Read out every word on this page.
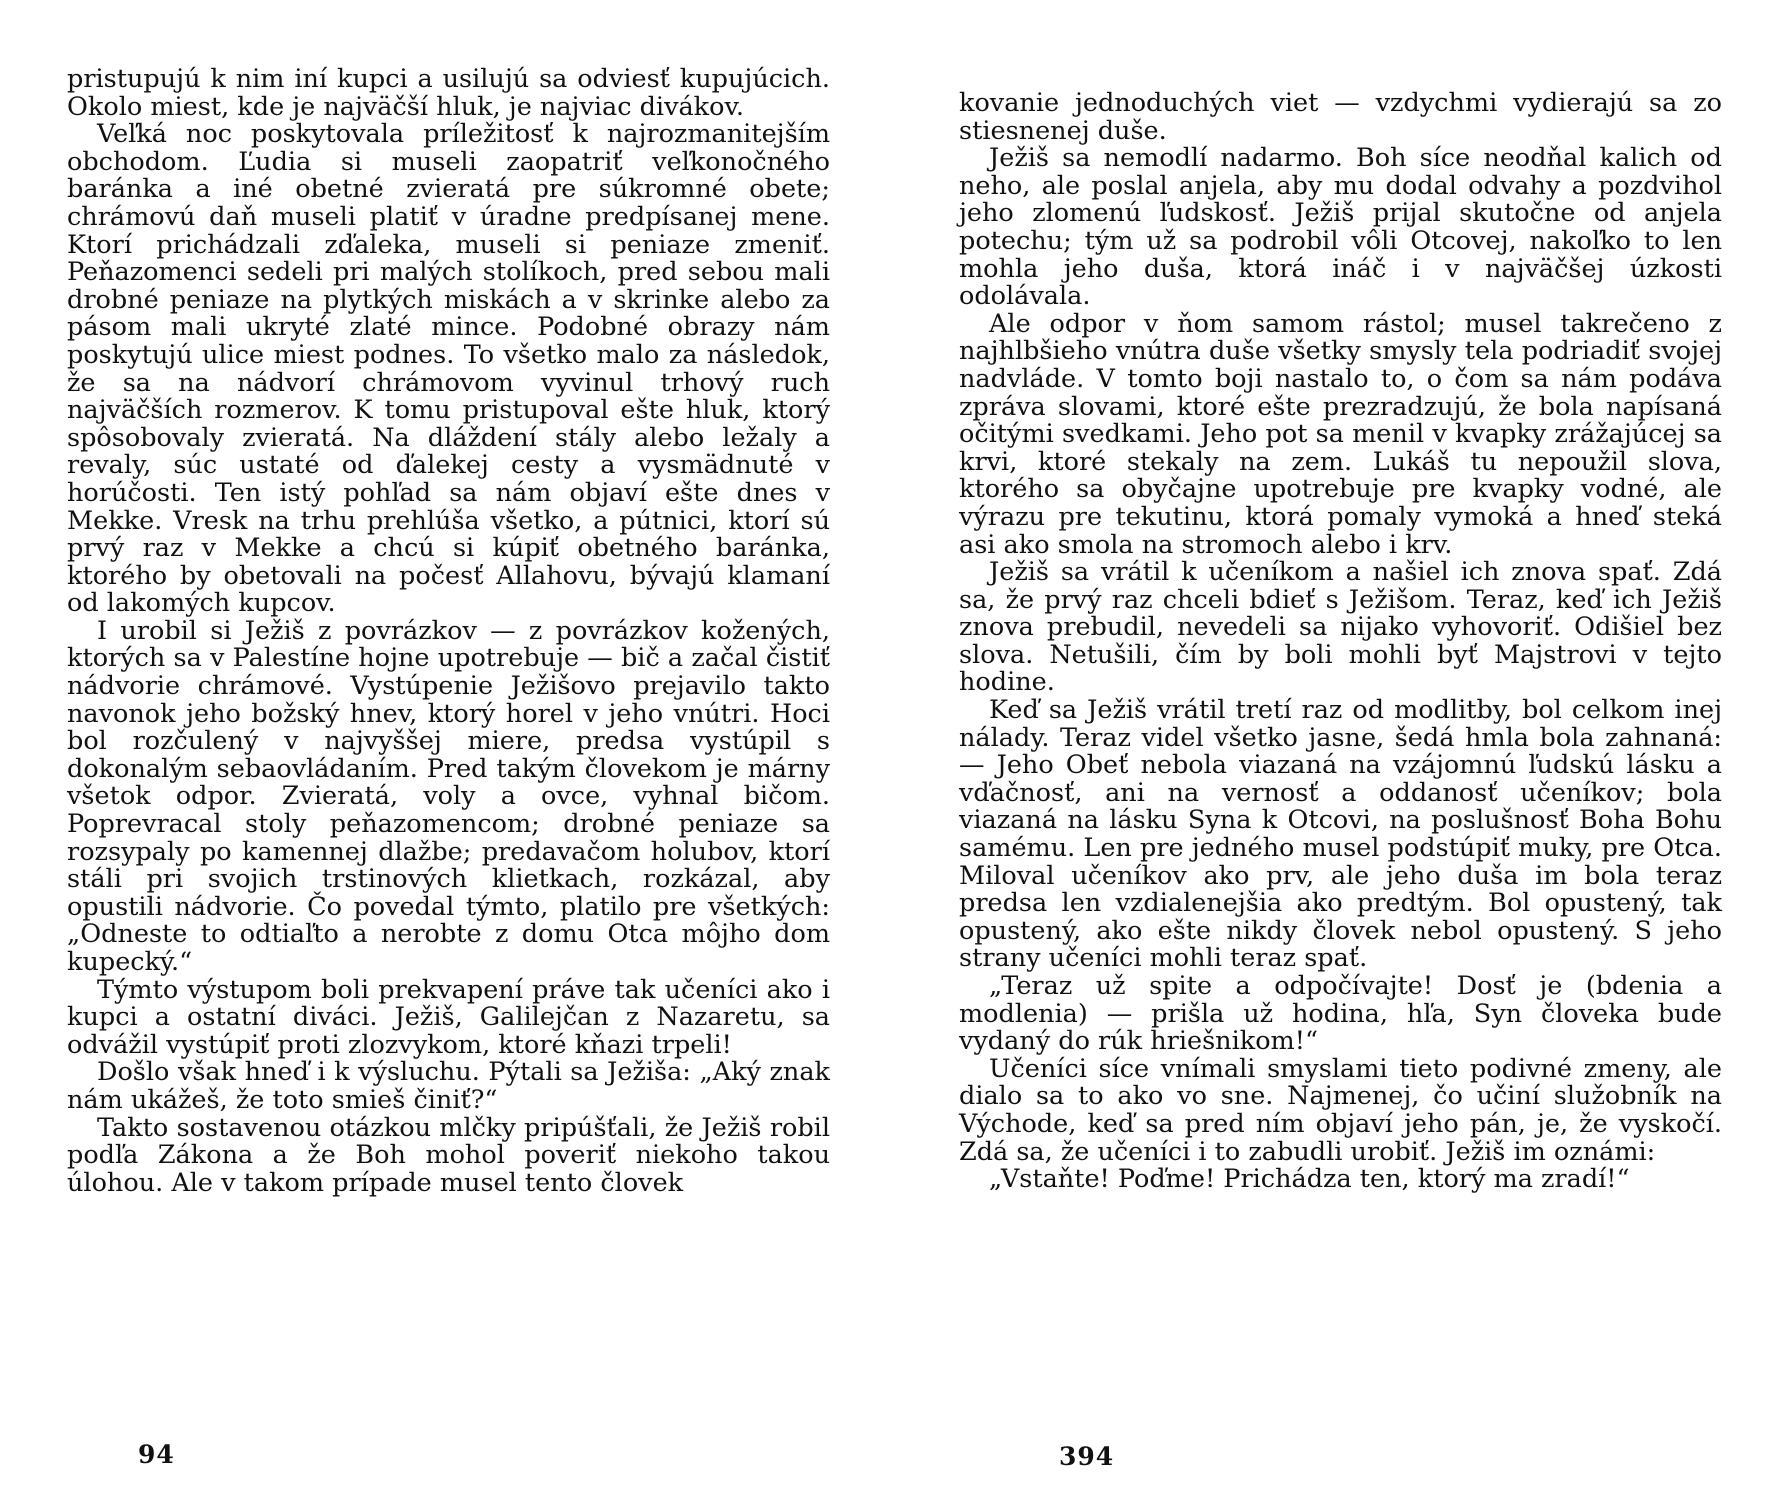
pristupujú k nim iní kupci a usilujú sa odviesť kupujúcich. Okolo miest, kde je najväčší hluk, je najviac divákov.

Veľká noc poskytovala príležitosť k najrozmanitejším obchodom. Ľudia si museli zaopatriť veľkonočného baránka a iné obetné zvieratá pre súkromné obete; chrámovú daň museli platiť v úradne predpísanej mene. Ktorí prichádzali zďaleka, museli si peniaze zmeniť. Peňazomenci sedeli pri malých stolíkoch, pred sebou mali drobné peniaze na plytkých miskách a v skrinke alebo za pásom mali ukryté zlaté mince. Podobné obrazy nám poskytujú ulice miest podnes. To všetko malo za následok, že sa na nádvorí chrámovom vyvinul trhový ruch najväčších rozmerov. K tomu pristupoval ešte hluk, ktorý spôsobovaly zvieratá. Na dláždení stály alebo ležaly a revaly, súc ustaté od ďalekej cesty a vysmädnuté v horúčosti. Ten istý pohľad sa nám objaví ešte dnes v Mekke. Vresk na trhu prehlúša všetko, a pútnici, ktorí sú prvý raz v Mekke a chcú si kúpiť obetného baránka, ktorého by obetovali na počesť Allahovu, bývajú klamaní od lakomých kupcov.

I urobil si Ježiš z povrázkov — z povrázkov kožených, ktorých sa v Palestíne hojne upotrebuje — bič a začal čistiť nádvorie chrámové. Vystúpenie Ježišovo prejavilo takto navonok jeho božský hnev, ktorý horel v jeho vnútri. Hoci bol rozčulený v najvyššej miere, predsa vystúpil s dokonalým sebaovládaním. Pred takým človekom je márny všetok odpor. Zvieratá, voly a ovce, vyhnal bičom. Poprevracal stoly peňazomencom; drobné peniaze sa rozsypaly po kamennej dlažbe; predavačom holubov, ktorí stáli pri svojich trstinových klietkach, rozkázal, aby opustili nádvorie. Čo povedal týmto, platilo pre všetkých: „Odneste to odtiaľto a nerobte z domu Otca môjho dom kupecký.“

Týmto výstupom boli prekvapení práve tak učeníci ako i kupci a ostatní diváci. Ježiš, Galilejčan z Nazaretu, sa odvážil vystúpiť proti zlozvykom, ktoré kňazi trpeli!

Došlo však hneď i k výsluchu. Pýtali sa Ježiša: „Aký znak nám ukážeš, že toto smieš činiť?“

Takto sostavenou otázkou mlčky pripúšťali, že Ježiš robil podľa Zákona a že Boh mohol poveriť niekoho takou úlohou. Ale v takom prípade musel tento človek

94

kovanie jednoduchých viet — vzdychmi vydierajú sa zo stiesnenej duše.

Ježiš sa nemodlí nadarmo. Boh síce neodňal kalich od neho, ale poslal anjela, aby mu dodal odvahy a pozdvihol jeho zlomenú ľudskosť. Ježiš prijal skutočne od anjela potechu; tým už sa podrobil vôli Otcovej, nakoľko to len mohla jeho duša, ktorá ináč i v najväčšej úzkosti odolávala.

Ale odpor v ňom samom rástol; musel takrečeno z najhlbšieho vnútra duše všetky smysly tela podriadiť svojej nadvláde. V tomto boji nastalo to, o čom sa nám podáva zpráva slovami, ktoré ešte prezradzujú, že bola napísaná očitými svedkami. Jeho pot sa menil v kvapky zrážajúcej sa krvi, ktoré stekaly na zem. Lukáš tu nepoužil slova, ktorého sa obyčajne upotrebuje pre kvapky vodné, ale výrazu pre tekutinu, ktorá pomaly vymoká a hneď steká asi ako smola na stromoch alebo i krv.

Ježiš sa vrátil k učeníkom a našiel ich znova spať. Zdá sa, že prvý raz chceli bdieť s Ježišom. Teraz, keď ich Ježiš znova prebudil, nevedeli sa nijako vyhovoriť. Odišiel bez slova. Netušili, čím by boli mohli byť Majstrovi v tejto hodine.

Keď sa Ježiš vrátil tretí raz od modlitby, bol celkom inej nálady. Teraz videl všetko jasne, šedá hmla bola zahnaná: — Jeho Obeť nebola viazaná na vzájomnú ľudskú lásku a vďačnosť, ani na vernosť a oddanosť učeníkov; bola viazaná na lásku Syna k Otcovi, na poslušnosť Boha Bohu samému. Len pre jedného musel podstúpiť muky, pre Otca. Miloval učeníkov ako prv, ale jeho duša im bola teraz predsa len vzdialenejšia ako predtým. Bol opustený, tak opustený, ako ešte nikdy človek nebol opustený. S jeho strany učeníci mohli teraz spať.

„Teraz už spite a odpočívajte! Dosť je (bdenia a modlenia) — prišla už hodina, hľa, Syn človeka bude vydaný do rúk hriešnikom!“

Učeníci síce vnímali smyslami tieto podivné zmeny, ale dialo sa to ako vo sne. Najmenej, čo učiní služobník na Východe, keď sa pred ním objaví jeho pán, je, že vyskočí. Zdá sa, že učeníci i to zabudli urobiť. Ježiš im oznámi:

„Vstaňte! Poďme! Prichádza ten, ktorý ma zradí!“

394
